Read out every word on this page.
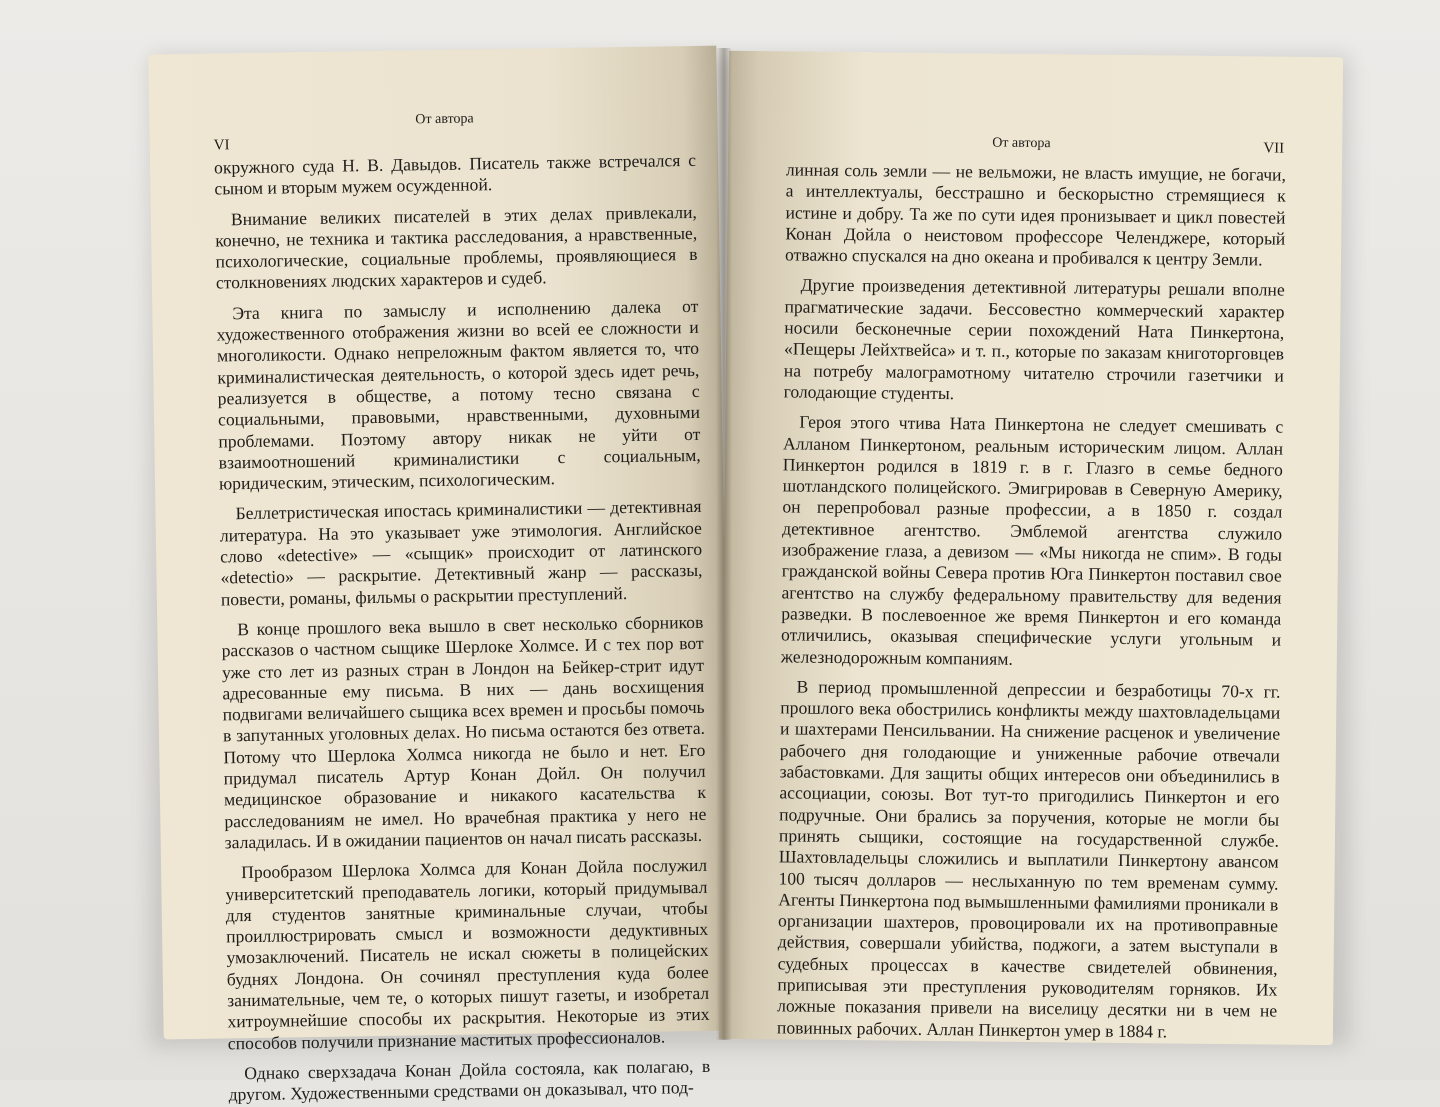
VI
От автора

окружного суда Н. В. Давыдов. Писатель также встречался с сыном и вторым мужем осужденной.

Внимание великих писателей в этих делах привлекали, конечно, не техника и тактика расследования, а нравственные, психологические, социальные проблемы, проявляющиеся в столкновениях людских характеров и судеб.

Эта книга по замыслу и исполнению далека от художественного отображения жизни во всей ее сложности и многоликости. Однако непреложным фактом является то, что криминалистическая деятельность, о которой здесь идет речь, реализуется в обществе, а потому тесно связана с социальными, правовыми, нравственными, духовными проблемами. Поэтому автору никак не уйти от взаимоотношений криминалистики с социальным, юридическим, этическим, психологическим.

Беллетристическая ипостась криминалистики — детективная литература. На это указывает уже этимология. Английское слово «detective» — «сыщик» происходит от латинского «detectio» — раскрытие. Детективный жанр — рассказы, повести, романы, фильмы о раскрытии преступлений.

В конце прошлого века вышло в свет несколько сборников рассказов о частном сыщике Шерлоке Холмсе. И с тех пор вот уже сто лет из разных стран в Лондон на Бейкер-стрит идут адресованные ему письма. В них — дань восхищения подвигами величайшего сыщика всех времен и просьбы помочь в запутанных уголовных делах. Но письма остаются без ответа. Потому что Шерлока Холмса никогда не было и нет. Его придумал писатель Артур Конан Дойл. Он получил медицинское образование и никакого касательства к расследованиям не имел. Но врачебная практика у него не заладилась. И в ожидании пациентов он начал писать рассказы.

Прообразом Шерлока Холмса для Конан Дойла послужил университетский преподаватель логики, который придумывал для студентов занятные криминальные случаи, чтобы проиллюстрировать смысл и возможности дедуктивных умозаключений. Писатель не искал сюжеты в полицейских буднях Лондона. Он сочинял преступления куда более занимательные, чем те, о которых пишут газеты, и изобретал хитроумнейшие способы их раскрытия. Некоторые из этих способов получили признание маститых профессионалов.

Однако сверхзадача Конан Дойла состояла, как полагаю, в другом. Художественными средствами он доказывал, что под-

От автора	VII

линная соль земли — не вельможи, не власть имущие, не богачи, а интеллектуалы, бесстрашно и бескорыстно стремящиеся к истине и добру. Та же по сути идея пронизывает и цикл повестей Конан Дойла о неистовом профессоре Челенджере, который отважно спускался на дно океана и пробивался к центру Земли.

Другие произведения детективной литературы решали вполне прагматические задачи. Бессовестно коммерческий характер носили бесконечные серии похождений Ната Пинкертона, «Пещеры Лейхтвейса» и т. п., которые по заказам книготорговцев на потребу малограмотному читателю строчили газетчики и голодающие студенты.

Героя этого чтива Ната Пинкертона не следует смешивать с Алланом Пинкертоном, реальным историческим лицом. Аллан Пинкертон родился в 1819 г. в г. Глазго в семье бедного шотландского полицейского. Эмигрировав в Северную Америку, он перепробовал разные профессии, а в 1850 г. создал детективное агентство. Эмблемой агентства служило изображение глаза, а девизом — «Мы никогда не спим». В годы гражданской войны Севера против Юга Пинкертон поставил свое агентство на службу федеральному правительству для ведения разведки. В послевоенное же время Пинкертон и его команда отличились, оказывая специфические услуги угольным и железнодорожным компаниям.

В период промышленной депрессии и безработицы 70-х гг. прошлого века обострились конфликты между шахтовладельцами и шахтерами Пенсильвании. На снижение расценок и увеличение рабочего дня голодающие и униженные рабочие отвечали забастовками. Для защиты общих интересов они объединились в ассоциации, союзы. Вот тут-то пригодились Пинкертон и его подручные. Они брались за поручения, которые не могли бы принять сыщики, состоящие на государственной службе. Шахтовладельцы сложились и выплатили Пинкертону авансом 100 тысяч долларов — неслыханную по тем временам сумму. Агенты Пинкертона под вымышленными фамилиями проникали в организации шахтеров, провоцировали их на противоправные действия, совершали убийства, поджоги, а затем выступали в судебных процессах в качестве свидетелей обвинения, приписывая эти преступления руководителям горняков. Их ложные показания привели на виселицу десятки ни в чем не повинных рабочих. Аллан Пинкертон умер в 1884 г.
